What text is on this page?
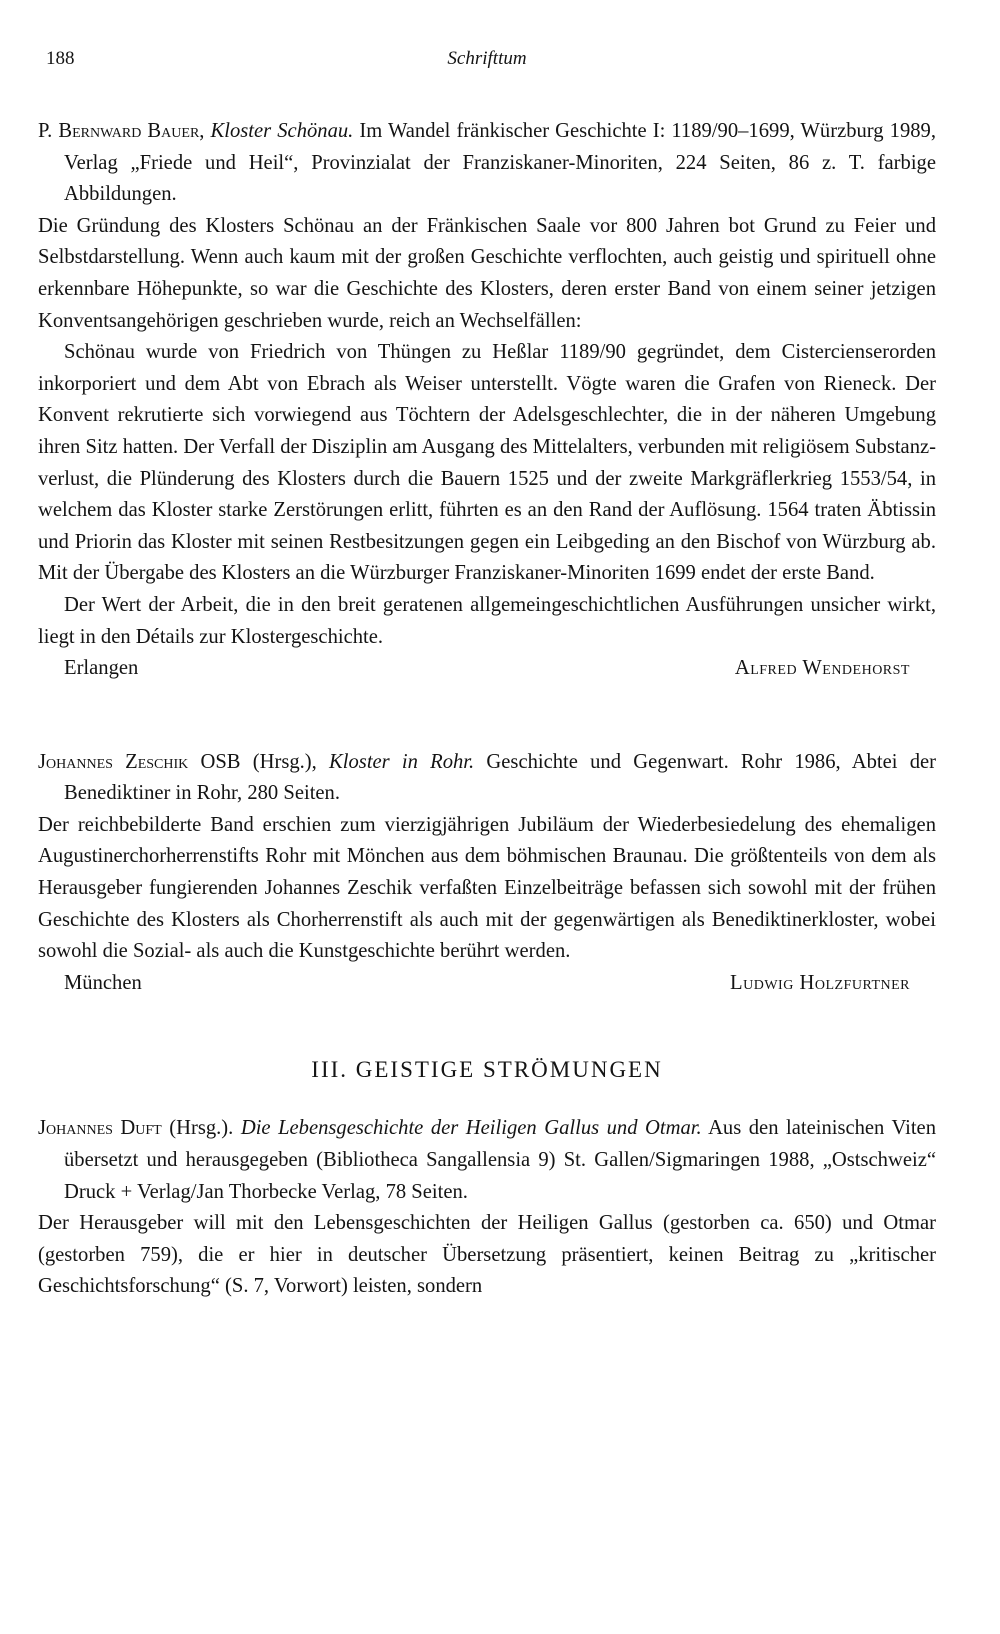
188	Schrifttum

P. Bernward Bauer, Kloster Schönau. Im Wandel fränkischer Geschichte I: 1189/90–1699, Würzburg 1989, Verlag „Friede und Heil“, Provinzialat der Franziskaner-Minoriten, 224 Seiten, 86 z. T. farbige Abbildungen.

Die Gründung des Klosters Schönau an der Fränkischen Saale vor 800 Jahren bot Grund zu Feier und Selbstdarstellung. Wenn auch kaum mit der großen Geschichte verflochten, auch geistig und spirituell ohne erkennbare Höhepunkte, so war die Geschichte des Klosters, deren erster Band von einem seiner jetzigen Konventsangehörigen geschrieben wurde, reich an Wechselfällen:

Schönau wurde von Friedrich von Thüngen zu Heßlar 1189/90 gegründet, dem Cistercienserorden inkorporiert und dem Abt von Ebrach als Weiser unterstellt. Vögte waren die Grafen von Rieneck. Der Konvent rekrutierte sich vorwiegend aus Töchtern der Adelsgeschlechter, die in der näheren Umgebung ihren Sitz hatten. Der Verfall der Disziplin am Ausgang des Mittelalters, verbunden mit religiösem Substanzverlust, die Plünderung des Klosters durch die Bauern 1525 und der zweite Markgräflerkrieg 1553/54, in welchem das Kloster starke Zerstörungen erlitt, führten es an den Rand der Auflösung. 1564 traten Äbtissin und Priorin das Kloster mit seinen Restbesitzungen gegen ein Leibgeding an den Bischof von Würzburg ab. Mit der Übergabe des Klosters an die Würzburger Franziskaner-Minoriten 1699 endet der erste Band.

Der Wert der Arbeit, die in den breit geratenen allgemeingeschichtlichen Ausführungen unsicher wirkt, liegt in den Détails zur Klostergeschichte.

Erlangen	Alfred Wendehorst

Johannes Zeschik OSB (Hrsg.), Kloster in Rohr. Geschichte und Gegenwart. Rohr 1986, Abtei der Benediktiner in Rohr, 280 Seiten.

Der reichbebilderte Band erschien zum vierzigjährigen Jubiläum der Wiederbesiedelung des ehemaligen Augustinerchorherrenstifts Rohr mit Mönchen aus dem böhmischen Braunau. Die größtenteils von dem als Herausgeber fungierenden Johannes Zeschik verfaßten Einzelbeiträge befassen sich sowohl mit der frühen Geschichte des Klosters als Chorherrenstift als auch mit der gegenwärtigen als Benediktinerkloster, wobei sowohl die Sozial- als auch die Kunstgeschichte berührt werden.

München	Ludwig Holzfurtner
III. GEISTIGE STRÖMUNGEN

Johannes Duft (Hrsg.). Die Lebensgeschichte der Heiligen Gallus und Otmar. Aus den lateinischen Viten übersetzt und herausgegeben (Bibliotheca Sangallensia 9) St. Gallen/Sigmaringen 1988, „Ostschweiz“ Druck + Verlag/Jan Thorbecke Verlag, 78 Seiten.

Der Herausgeber will mit den Lebensgeschichten der Heiligen Gallus (gestorben ca. 650) und Otmar (gestorben 759), die er hier in deutscher Übersetzung präsentiert, keinen Beitrag zu „kritischer Geschichtsforschung“ (S. 7, Vorwort) leisten, sondern
